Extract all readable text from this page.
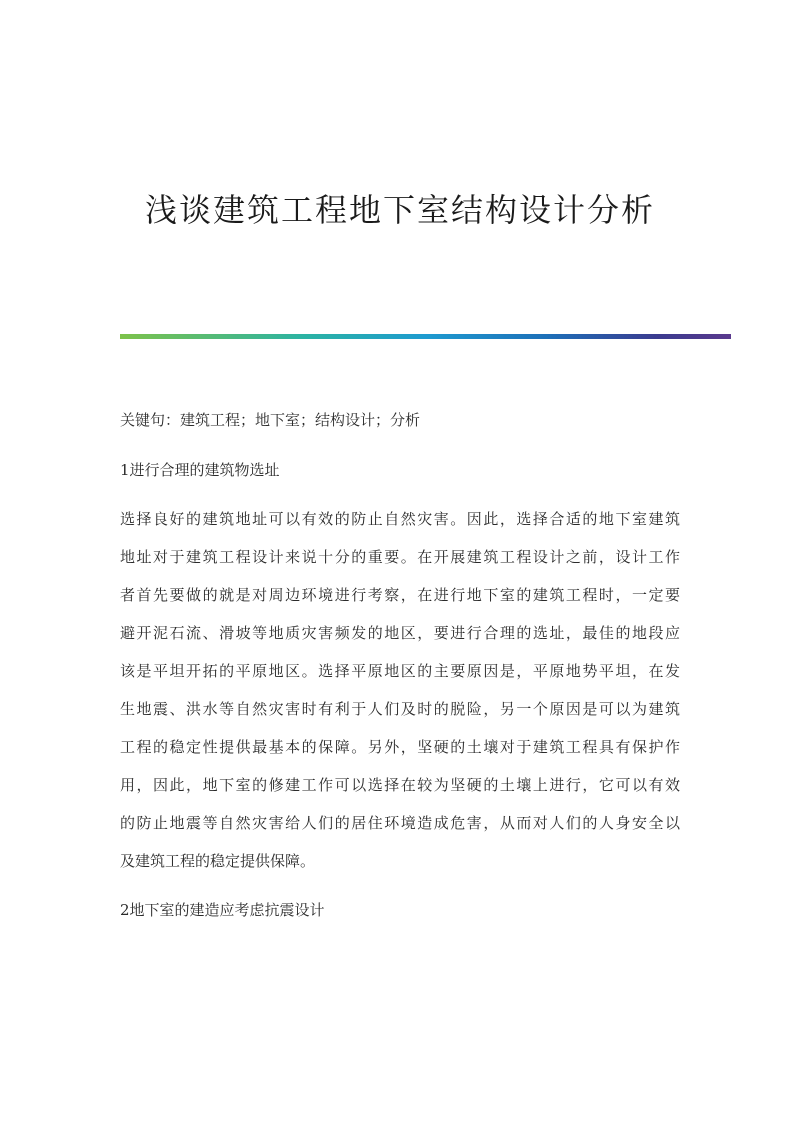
浅谈建筑工程地下室结构设计分析
关键句：建筑工程；地下室；结构设计；分析
1进行合理的建筑物选址
选择良好的建筑地址可以有效的防止自然灾害。因此，选择合适的地下室建筑
地址对于建筑工程设计来说十分的重要。在开展建筑工程设计之前，设计工作
者首先要做的就是对周边环境进行考察，在进行地下室的建筑工程时，一定要
避开泥石流、滑坡等地质灾害频发的地区，要进行合理的选址，最佳的地段应
该是平坦开拓的平原地区。选择平原地区的主要原因是，平原地势平坦，在发
生地震、洪水等自然灾害时有利于人们及时的脱险，另一个原因是可以为建筑
工程的稳定性提供最基本的保障。另外，坚硬的土壤对于建筑工程具有保护作
用，因此，地下室的修建工作可以选择在较为坚硬的土壤上进行，它可以有效
的防止地震等自然灾害给人们的居住环境造成危害，从而对人们的人身安全以
及建筑工程的稳定提供保障。
2地下室的建造应考虑抗震设计
